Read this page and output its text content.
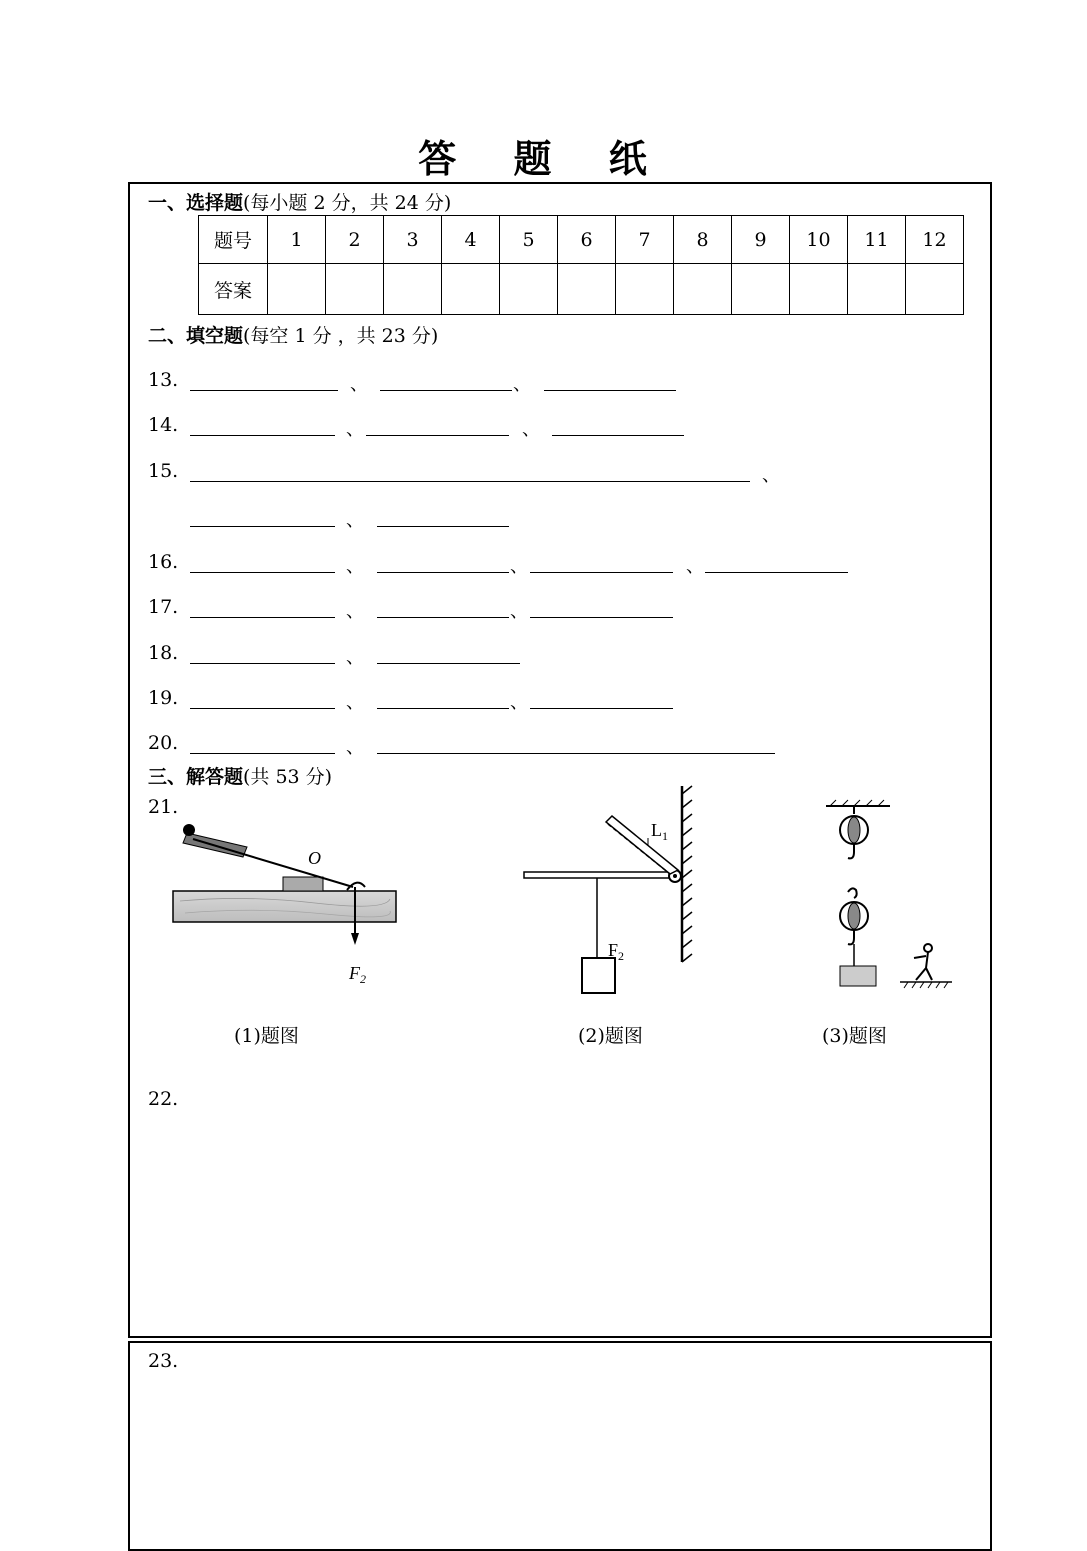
答 题 纸
一、选择题(每小题 2 分，共 24 分)
题号	1	2	3	4	5	6	7	8	9	10	11	12
答案												
二、填空题(每空 1 分 ，共 23 分)
13.	、	、
14.	、	、
15.	、
、
16.	、	、	、
17.	、	、
18.	、
19.	、	、
20.	、
三、解答题(共 53 分)
21.
O
$F_2$
$L_1$
$F_2$
(1)题图	(2)题图	(3)题图
22.
23.
